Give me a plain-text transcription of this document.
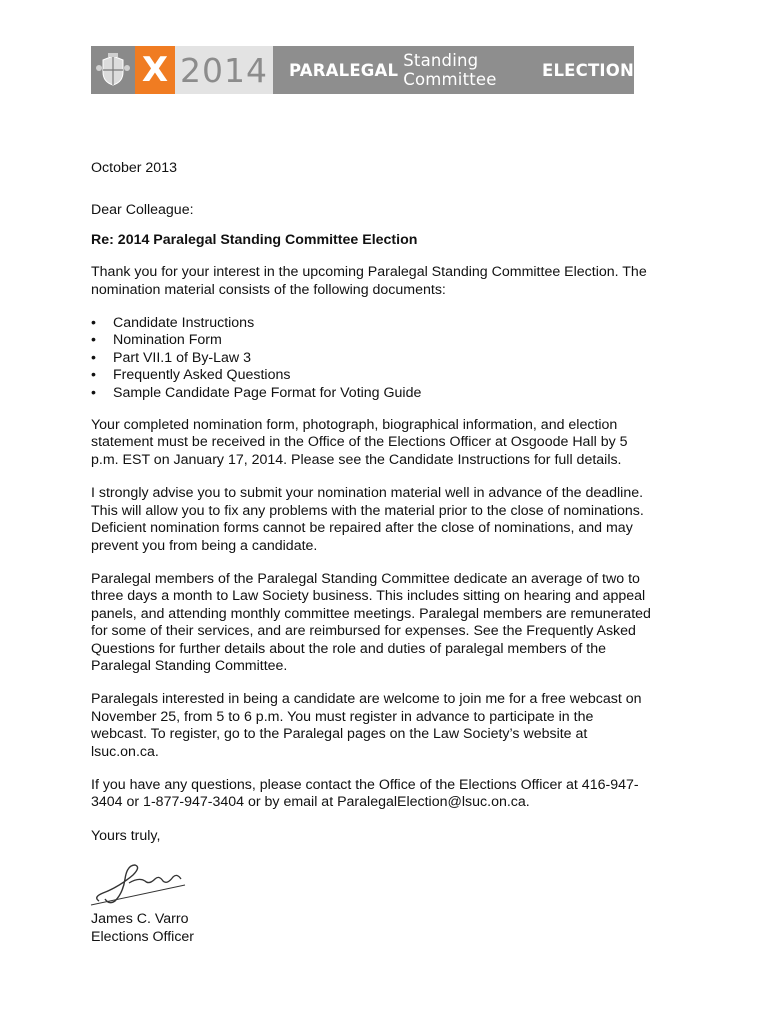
X 2014	PARALEGAL Standing Committee	ELECTION

October 2013

Dear Colleague:

Re: 2014 Paralegal Standing Committee Election

Thank you for your interest in the upcoming Paralegal Standing Committee Election. The nomination material consists of the following documents:

• Candidate Instructions
• Nomination Form
• Part VII.1 of By-Law 3
• Frequently Asked Questions
• Sample Candidate Page Format for Voting Guide

Your completed nomination form, photograph, biographical information, and election statement must be received in the Office of the Elections Officer at Osgoode Hall by 5 p.m. EST on January 17, 2014. Please see the Candidate Instructions for full details.

I strongly advise you to submit your nomination material well in advance of the deadline. This will allow you to fix any problems with the material prior to the close of nominations. Deficient nomination forms cannot be repaired after the close of nominations, and may prevent you from being a candidate.

Paralegal members of the Paralegal Standing Committee dedicate an average of two to three days a month to Law Society business. This includes sitting on hearing and appeal panels, and attending monthly committee meetings. Paralegal members are remunerated for some of their services, and are reimbursed for expenses. See the Frequently Asked Questions for further details about the role and duties of paralegal members of the Paralegal Standing Committee.

Paralegals interested in being a candidate are welcome to join me for a free webcast on November 25, from 5 to 6 p.m. You must register in advance to participate in the webcast. To register, go to the Paralegal pages on the Law Society’s website at lsuc.on.ca.

If you have any questions, please contact the Office of the Elections Officer at 416-947-3404 or 1-877-947-3404 or by email at ParalegalElection@lsuc.on.ca.

Yours truly,

James C. Varro

Elections Officer
